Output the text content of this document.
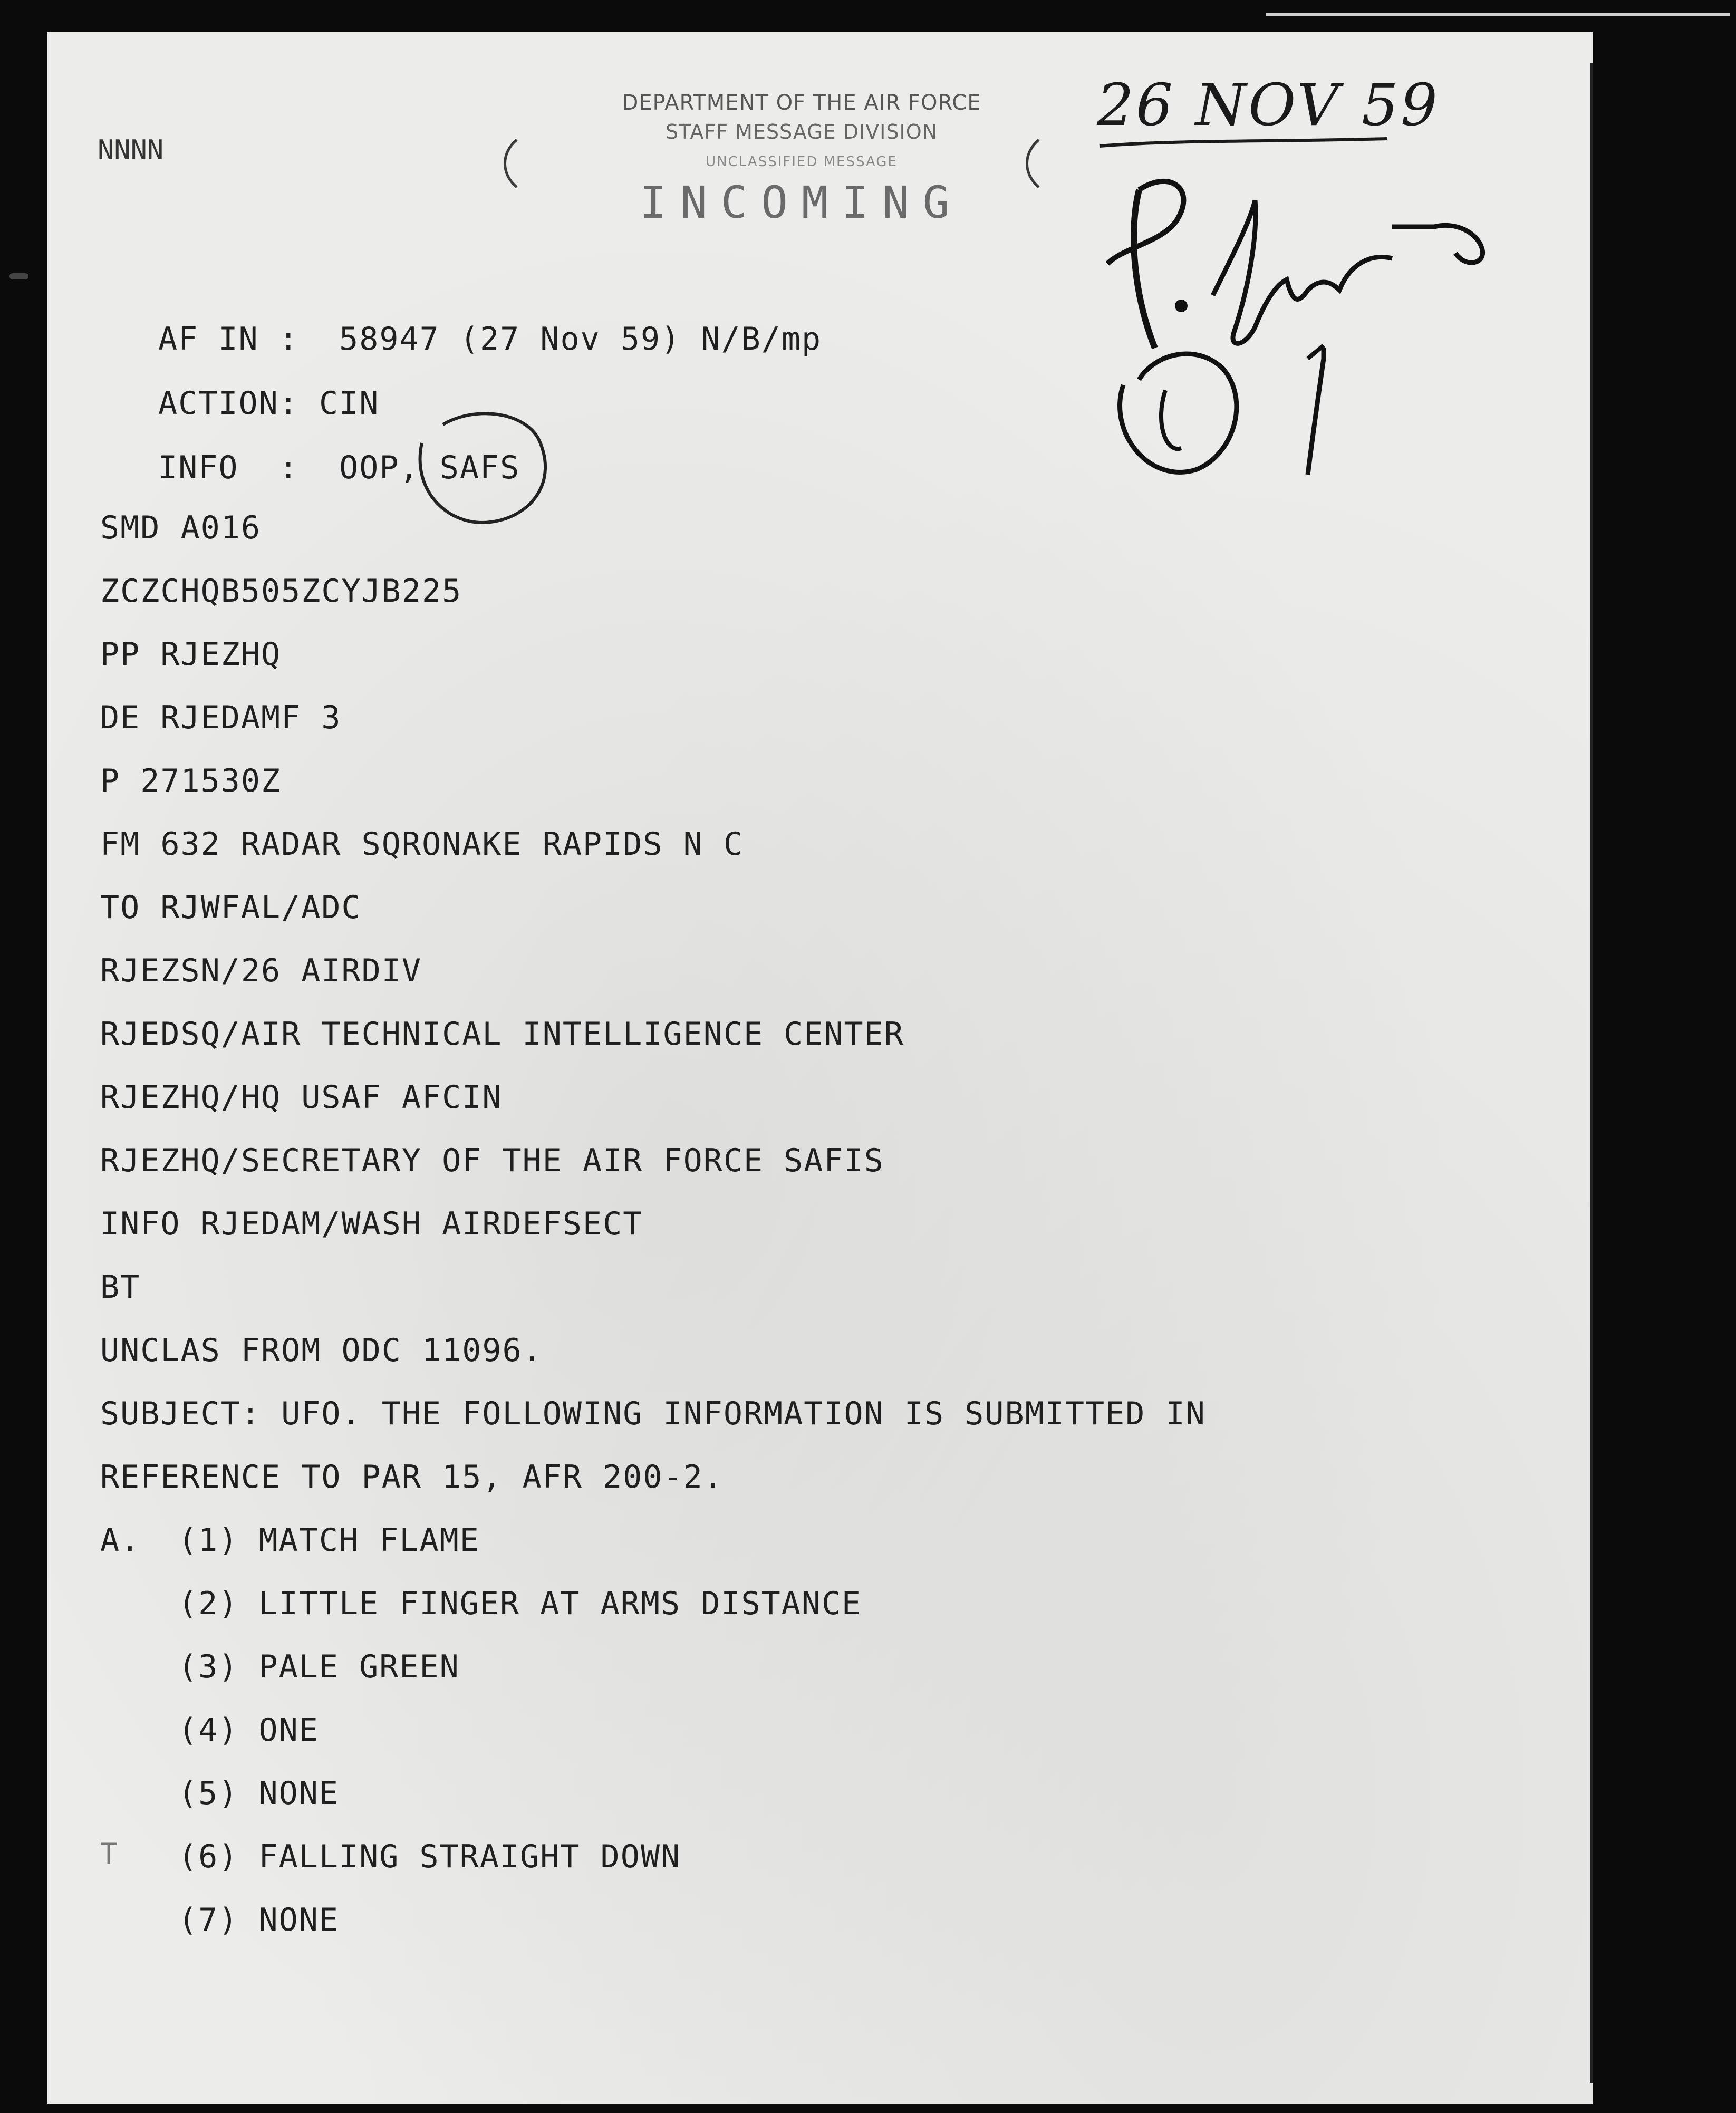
NNNN
DEPARTMENT OF THE AIR FORCE
STAFF MESSAGE DIVISION
UNCLASSIFIED MESSAGE
INCOMING
AF IN :  58947 (27 Nov 59) N/B/mp
ACTION: CIN
INFO  :  OOP, SAFS
SMD A016
ZCZCHQB505ZCYJB225
PP RJEZHQ
DE RJEDAMF 3
P 271530Z
FM 632 RADAR SQRONAKE RAPIDS N C
TO RJWFAL/ADC
RJEZSN/26 AIRDIV
RJEDSQ/AIR TECHNICAL INTELLIGENCE CENTER
RJEZHQ/HQ USAF AFCIN
RJEZHQ/SECRETARY OF THE AIR FORCE SAFIS
INFO RJEDAM/WASH AIRDEFSECT
BT
UNCLAS FROM ODC 11096.
SUBJECT: UFO. THE FOLLOWING INFORMATION IS SUBMITTED IN
REFERENCE TO PAR 15, AFR 200-2.
A. (1) MATCH FLAME
(2) LITTLE FINGER AT ARMS DISTANCE
(3) PALE GREEN
(4) ONE
(5) NONE
(6) FALLING STRAIGHT DOWN
(7) NONE
T
26 NOV 59
